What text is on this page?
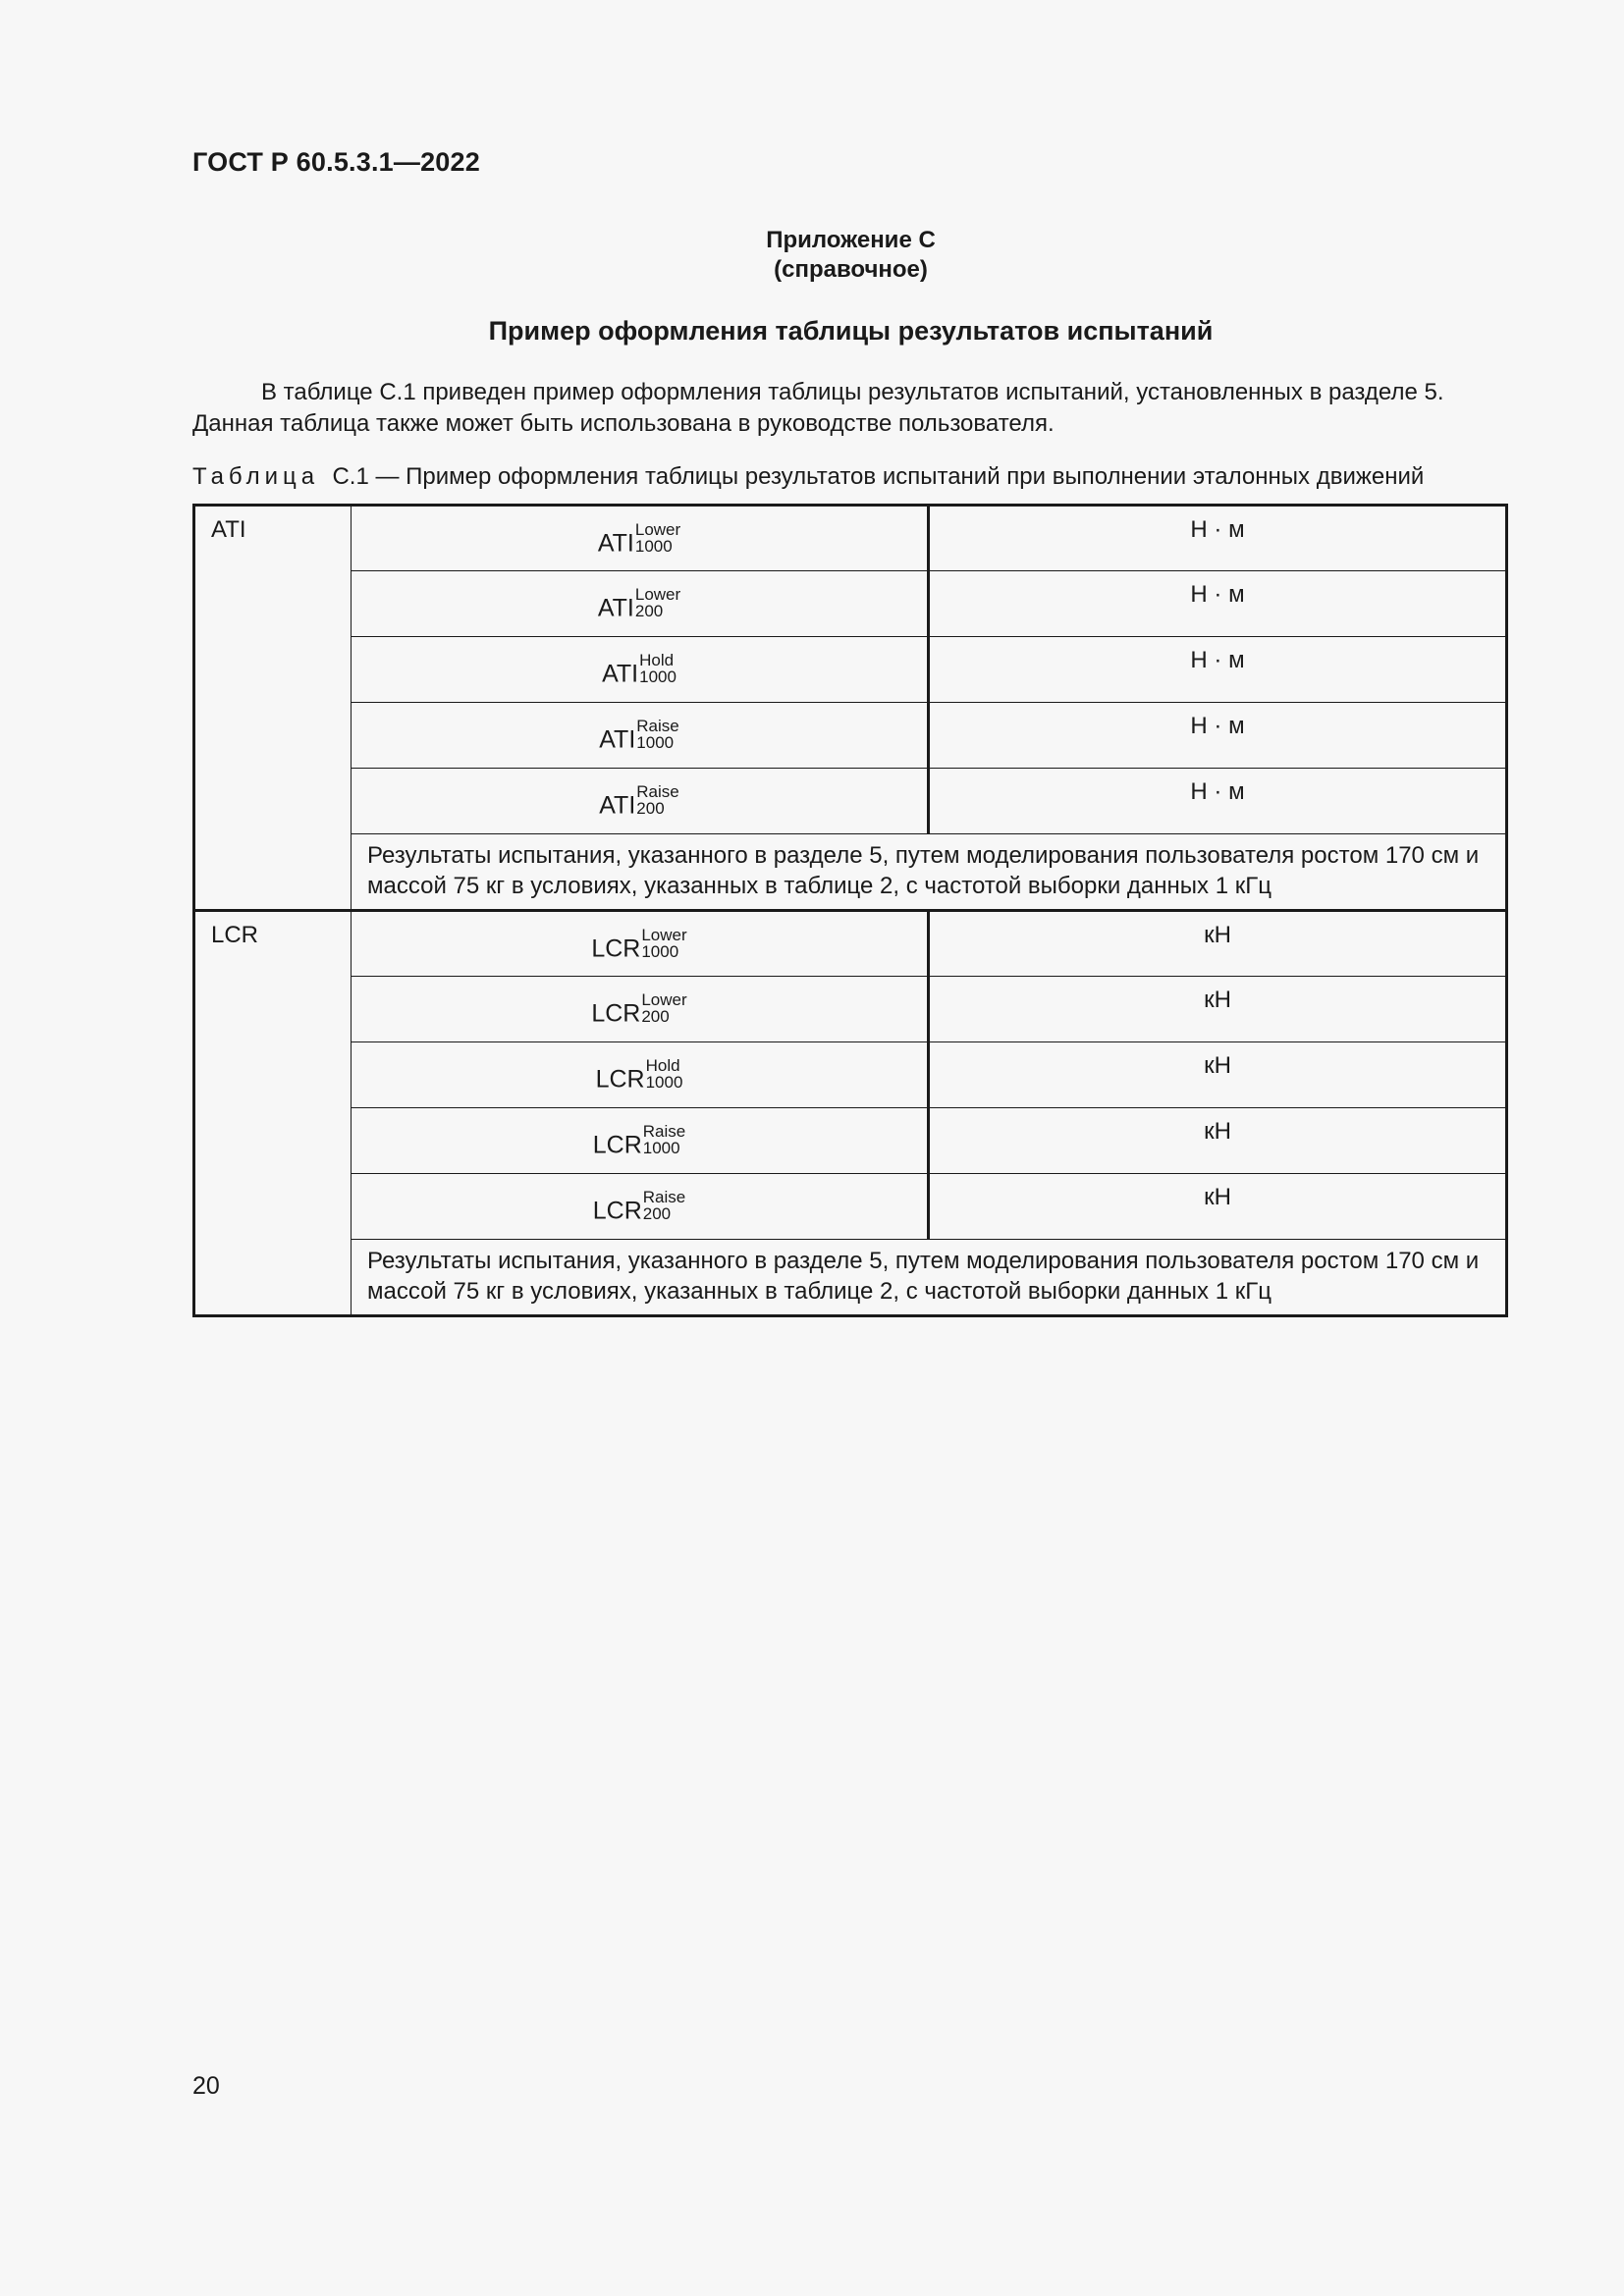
ГОСТ Р 60.5.3.1—2022
Приложение С
(справочное)
Пример оформления таблицы результатов испытаний
В таблице С.1 приведен пример оформления таблицы результатов испытаний, установленных в разделе 5.
Данная таблица также может быть использована в руководстве пользователя.
Таблица С.1 — Пример оформления таблицы результатов испытаний при выполнении эталонных движений
ATI	ATI
Lower
1000	Н · м
	ATI
Lower
200	Н · м
	ATI
Hold
1000	Н · м
	ATI
Raise
1000	Н · м
	ATI
Raise
200	Н · м
	Результаты испытания, указанного в разделе 5, путем моделирования пользователя ростом 170 см и массой 75 кг в условиях, указанных в таблице 2, с частотой выборки данных 1 кГц	
LCR	LCR
Lower
1000	кН
	LCR
Lower
200	кН
	LCR
Hold
1000	кН
	LCR
Raise
1000	кН
	LCR
Raise
200	кН
	Результаты испытания, указанного в разделе 5, путем моделирования пользователя ростом 170 см и массой 75 кг в условиях, указанных в таблице 2, с частотой выборки данных 1 кГц	
20
